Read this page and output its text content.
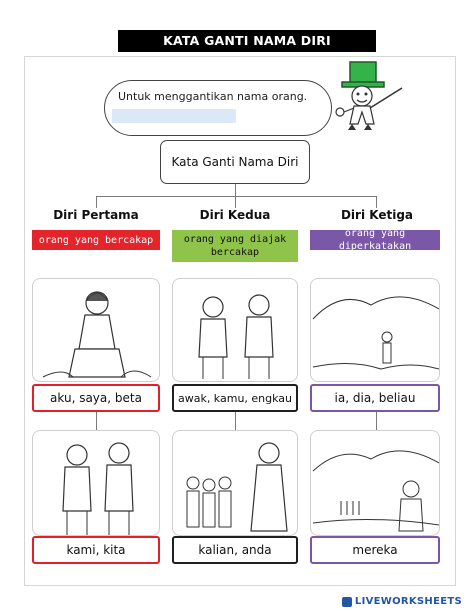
KATA GANTI NAMA DIRI
Untuk menggantikan nama orang.
Kata Ganti Nama Diri
Diri Pertama
orang yang bercakap
aku, saya, beta
kami, kita
Diri Kedua
orang yang diajak bercakap
awak, kamu, engkau
kalian, anda
Diri Ketiga
orang yang diperkatakan
ia, dia, beliau
mereka
LIVEWORKSHEETS
